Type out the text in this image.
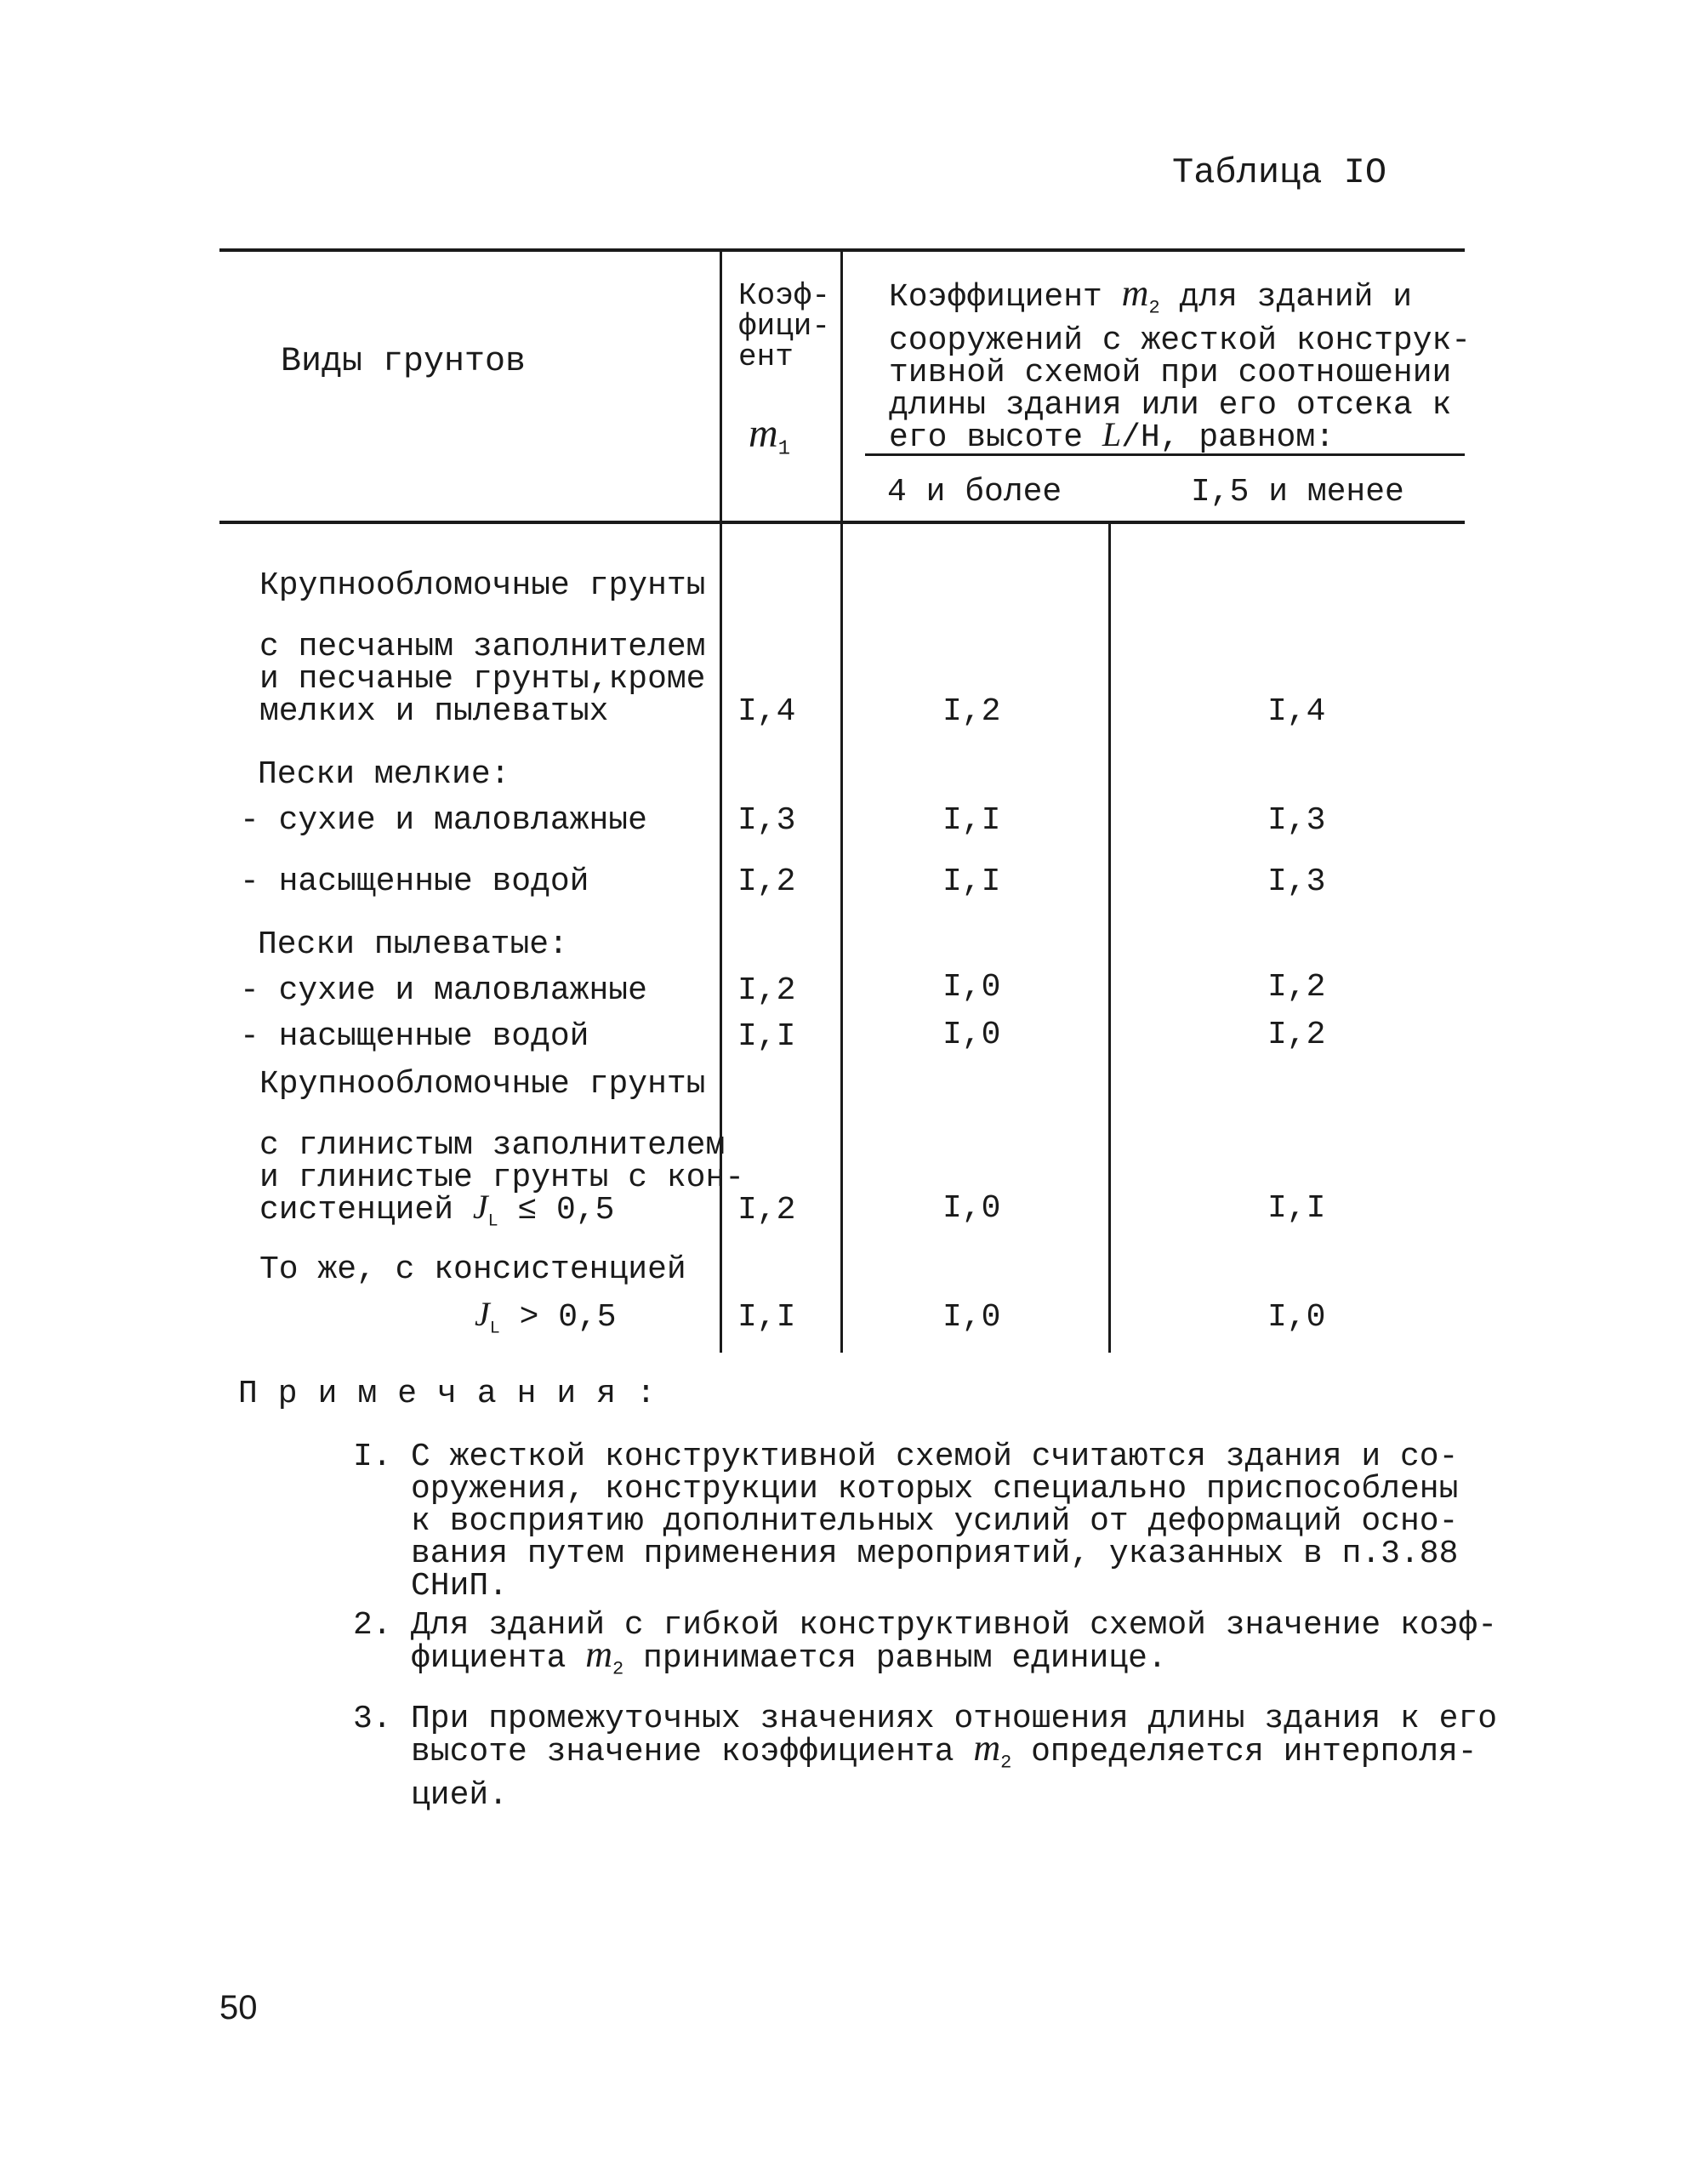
Таблица IO
Виды грунтов
Коэф-
фици-
ент
$m_1$
Коэффициент $m_2$ для зданий и
сооружений с жесткой конструк-
тивной схемой при соотношении
длины здания или его отсека к
его высоте L/H, равном:
4 и более	I,5 и менее
Крупнообломочные грунты
с песчаным заполнителем
и песчаные грунты,кроме
мелких и пылеватых	I,4	I,2	I,4
Пески мелкие:
- сухие и маловлажные	I,3	I,I	I,3
- насыщенные водой	I,2	I,I	I,3
Пески пылеватые:
- сухие и маловлажные	I,2	I,0	I,2
- насыщенные водой	I,I	I,0	I,2
Крупнообломочные грунты
с глинистым заполнителем
и глинистые грунты с кон-
систенцией $J_L \le 0,5$	I,2	I,0	I,I
То же, с консистенцией
$J_L > 0,5$	I,I	I,0	I,0
Примечания:
I. С жесткой конструктивной схемой считаются здания и со-
оружения, конструкции которых специально приспособлены
к восприятию дополнительных усилий от деформаций осно-
вания путем применения мероприятий, указанных в п.3.88
СНиП.
2. Для зданий с гибкой конструктивной схемой значение коэф-
фициента $m_2$ принимается равным единице.
3. При промежуточных значениях отношения длины здания к его
высоте значение коэффициента $m_2$ определяется интерполя-
цией.
50
